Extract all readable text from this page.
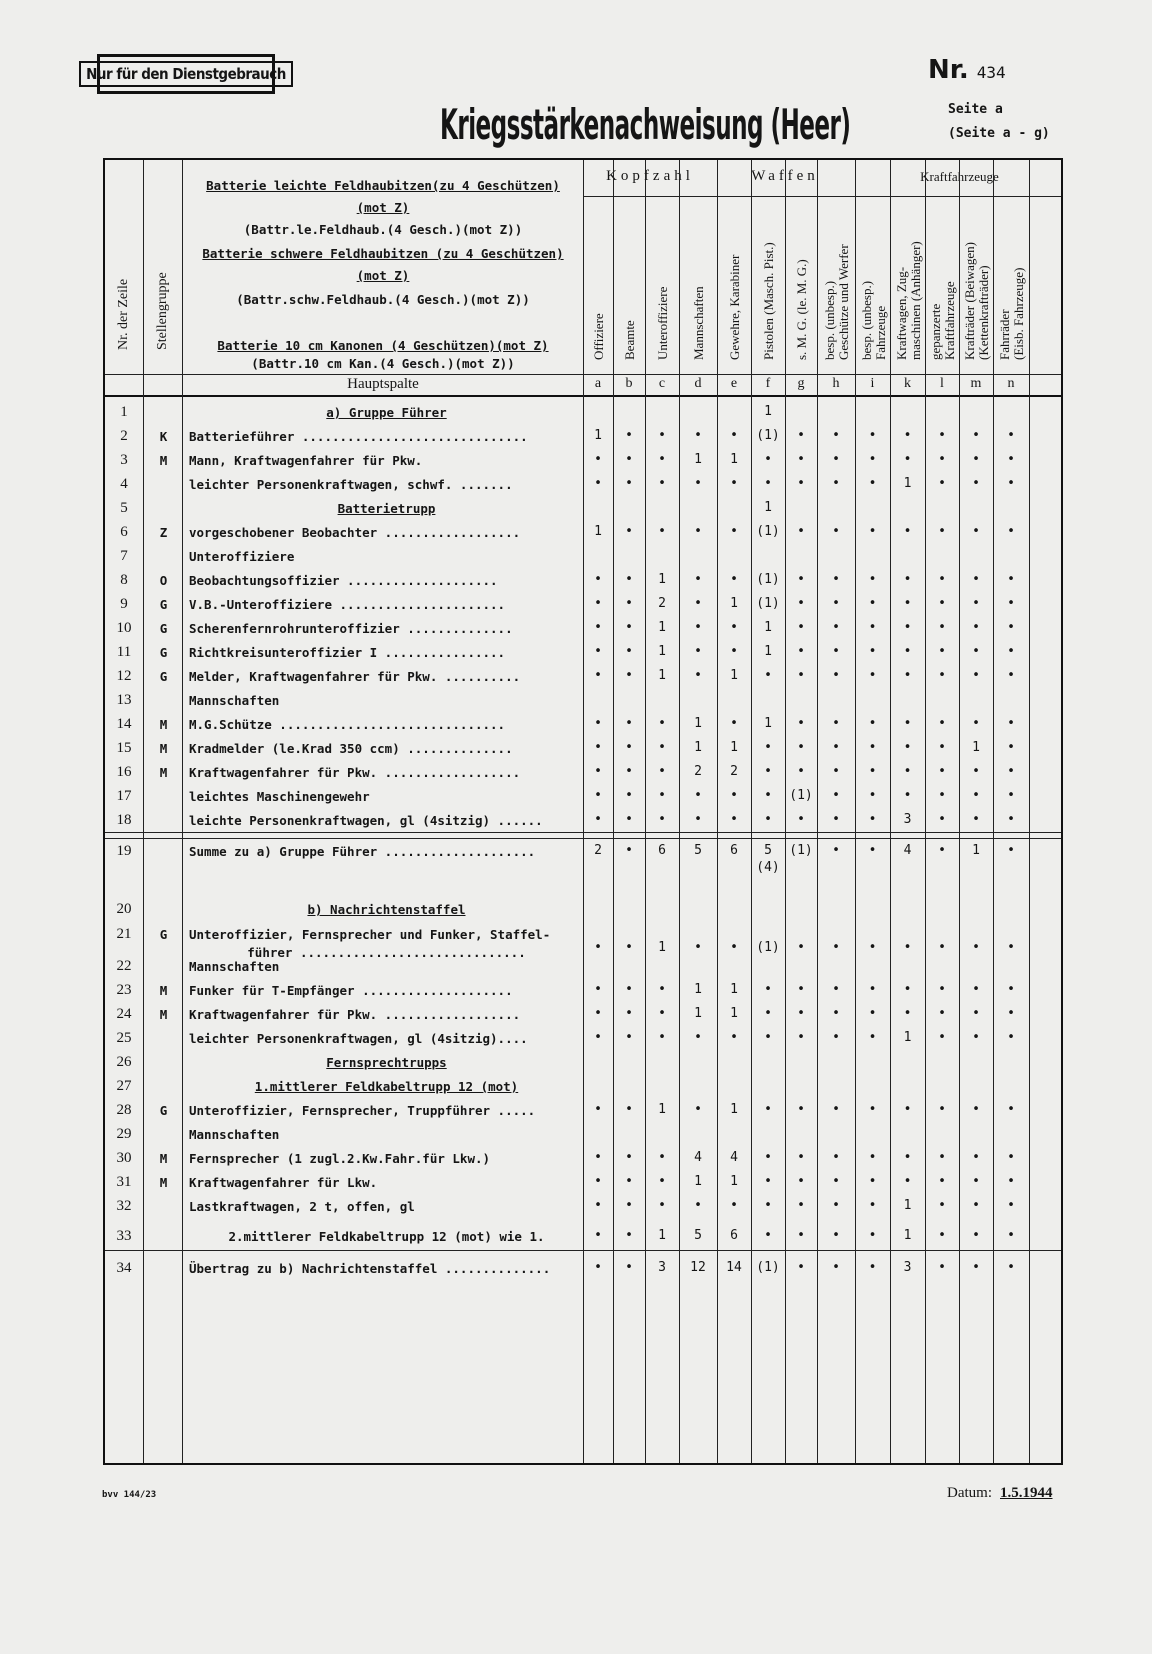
Nur für den Dienstgebrauch
Kriegsstärkenachweisung (Heer)
Nr. 434
Seite a
(Seite a - g)
Nr. der Zeile Stellengruppe
Kopfzahl	Waffen	Kraftfahrzeuge
Offiziere
a
Beamte
b
Unteroffiziere
c
Mannschaften
d
Gewehre, Karabiner
e
Pistolen (Masch. Pist.)
f
s. M. G. (le. M. G.)
g
besp. (unbesp.) Geschütze und Werfer
h
besp. (unbesp.) Fahrzeuge
i
Kraftwagen, Zug- maschinen (Anhänger)
k
gepanzerte Kraftfahrzeuge
l
Krafträder (Beiwagen) (Kettenkrafträder)
m
Fahrräder (Eisb. Fahrzeuge)
n
Hauptspalte
Batterie leichte Feldhaubitzen(zu 4 Geschützen)
(mot Z)
(Battr.le.Feldhaub.(4 Gesch.)(mot Z))
Batterie schwere Feldhaubitzen (zu 4 Geschützen)
(mot Z)
(Battr.schw.Feldhaub.(4 Gesch.)(mot Z))
Batterie 10 cm Kanonen (4 Geschützen)(mot Z)
(Battr.10 cm Kan.(4 Gesch.)(mot Z))
1	a) Gruppe Führer	1
2	K	Batterieführer ..............................	1	•	•	•	•	(1)	•	•	•	•	•	•	•
3	M	Mann, Kraftwagenfahrer für Pkw.	•	•	•	1	1	•	•	•	•	•	•	•	•
4	leichter Personenkraftwagen, schwf. .......	•	•	•	•	•	•	•	•	•	1	•	•	•
5	Batterietrupp	1
6	Z	vorgeschobener Beobachter ..................	1	•	•	•	•	(1)	•	•	•	•	•	•	•
7	Unteroffiziere
8	O	Beobachtungsoffizier ....................	•	•	1	•	•	(1)	•	•	•	•	•	•	•
9	G	V.B.-Unteroffiziere ......................	•	•	2	•	1	(1)	•	•	•	•	•	•	•
10	G	Scherenfernrohrunteroffizier ..............	•	•	1	•	•	1	•	•	•	•	•	•	•
11	G	Richtkreisunteroffizier I ................	•	•	1	•	•	1	•	•	•	•	•	•	•
12	G	Melder, Kraftwagenfahrer für Pkw. ..........	•	•	1	•	1	•	•	•	•	•	•	•	•
13	Mannschaften
14	M	M.G.Schütze ..............................	•	•	•	1	•	1	•	•	•	•	•	•	•
15	M	Kradmelder (le.Krad 350 ccm) ..............	•	•	•	1	1	•	•	•	•	•	•	1	•
16	M	Kraftwagenfahrer für Pkw. ..................	•	•	•	2	2	•	•	•	•	•	•	•	•
17	leichtes Maschinengewehr	•	•	•	•	•	•	(1)	•	•	•	•	•	•
18	leichte Personenkraftwagen, gl (4sitzig) ......	•	•	•	•	•	•	•	•	•	3	•	•	•
19	Summe zu a) Gruppe Führer ....................	2	•	6	5	6	5	(1)	•	•	4	•	1	•
(4)
20	b) Nachrichtenstaffel
21	G	Unteroffizier, Fernsprecher und Funker, Staffel-
führer ..............................	•	•	1	•	•	(1)	•	•	•	•	•	•	•
22	Mannschaften
23	M	Funker für T-Empfänger ....................	•	•	•	1	1	•	•	•	•	•	•	•	•
24	M	Kraftwagenfahrer für Pkw. ..................	•	•	•	1	1	•	•	•	•	•	•	•	•
25	leichter Personenkraftwagen, gl (4sitzig)....	•	•	•	•	•	•	•	•	•	1	•	•	•
26	Fernsprechtrupps
27	1.mittlerer Feldkabeltrupp 12 (mot)
28	G	Unteroffizier, Fernsprecher, Truppführer .....	•	•	1	•	1	•	•	•	•	•	•	•	•
29	Mannschaften
30	M	Fernsprecher (1 zugl.2.Kw.Fahr.für Lkw.)	•	•	•	4	4	•	•	•	•	•	•	•	•
31	M	Kraftwagenfahrer für Lkw.	•	•	•	1	1	•	•	•	•	•	•	•	•
32	Lastkraftwagen, 2 t, offen, gl	•	•	•	•	•	•	•	•	•	1	•	•	•
33	2.mittlerer Feldkabeltrupp 12 (mot) wie 1.	•	•	1	5	6	•	•	•	•	1	•	•	•
34	Übertrag zu b) Nachrichtenstaffel ..............	•	•	3	12	14	(1)	•	•	•	3	•	•	•
bvv 144/23	Datum: 1.5.1944
